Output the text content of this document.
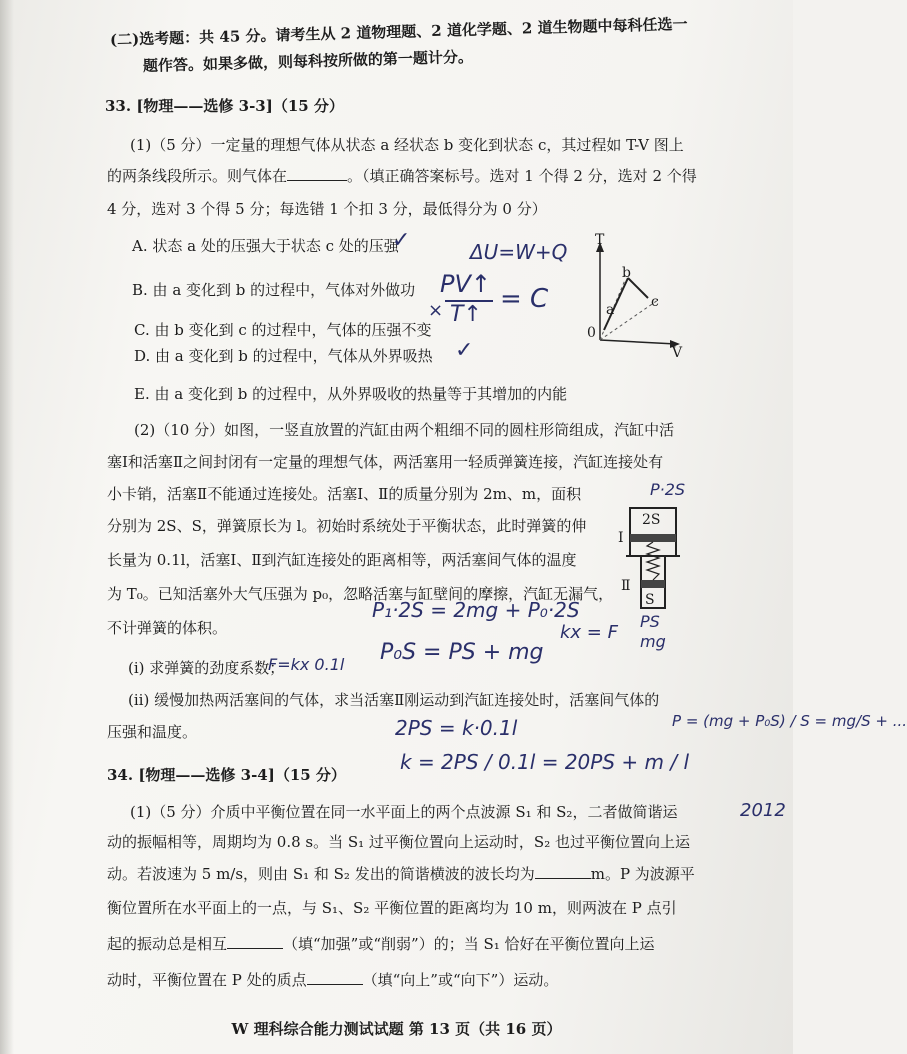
(二)选考题：共 45 分。请考生从 2 道物理题、2 道化学题、2 道生物题中每科任选一
题作答。如果多做，则每科按所做的第一题计分。
33. [物理——选修 3-3]（15 分）
(1)（5 分）一定量的理想气体从状态 a 经状态 b 变化到状态 c，其过程如 T-V 图上
的两条线段所示。则气体在	。（填正确答案标号。选对 1 个得 2 分，选对 2 个得
4 分，选对 3 个得 5 分；每选错 1 个扣 3 分，最低得分为 0 分）
A. 状态 a 处的压强大于状态 c 处的压强
B. 由 a 变化到 b 的过程中，气体对外做功
C. 由 b 变化到 c 的过程中，气体的压强不变
D. 由 a 变化到 b 的过程中，气体从外界吸热
E. 由 a 变化到 b 的过程中，从外界吸收的热量等于其增加的内能
✓	ΔU=W+Q
PV↑
T↑
= C
×
✓
T
V
0
a
b
c
(2)（10 分）如图，一竖直放置的汽缸由两个粗细不同的圆柱形筒组成，汽缸中活
塞Ⅰ和活塞Ⅱ之间封闭有一定量的理想气体，两活塞用一轻质弹簧连接，汽缸连接处有
小卡销，活塞Ⅱ不能通过连接处。活塞Ⅰ、Ⅱ的质量分别为 2m、m，面积
分别为 2S、S，弹簧原长为 l。初始时系统处于平衡状态，此时弹簧的伸
长量为 0.1l，活塞Ⅰ、Ⅱ到汽缸连接处的距离相等，两活塞间气体的温度
为 T₀。已知活塞外大气压强为 p₀，忽略活塞与缸壁间的摩擦，汽缸无漏气，
不计弹簧的体积。
2S
Ⅰ
Ⅱ
S
P·2S
PS
mg
P₁·2S = 2mg + P₀·2S
P₀S = PS + mg
kx = F
(ⅰ) 求弹簧的劲度系数；
F=kx 0.1l
(ⅱ) 缓慢加热两活塞间的气体，求当活塞Ⅱ刚运动到汽缸连接处时，活塞间气体的
压强和温度。	2PS = k·0.1l
k = 2PS / 0.1l = 20PS + m / l
P = (mg + P₀S) / S = mg/S + ...
2012
34. [物理——选修 3-4]（15 分）
(1)（5 分）介质中平衡位置在同一水平面上的两个点波源 S₁ 和 S₂，二者做简谐运
动的振幅相等，周期均为 0.8 s。当 S₁ 过平衡位置向上运动时，S₂ 也过平衡位置向上运
动。若波速为 5 m/s，则由 S₁ 和 S₂ 发出的简谐横波的波长均为	m。P 为波源平
衡位置所在水平面上的一点，与 S₁、S₂ 平衡位置的距离均为 10 m，则两波在 P 点引
起的振动总是相互	（填“加强”或“削弱”）的；当 S₁ 恰好在平衡位置向上运
动时，平衡位置在 P 处的质点	（填“向上”或“向下”）运动。
W 理科综合能力测试试题 第 13 页（共 16 页）
